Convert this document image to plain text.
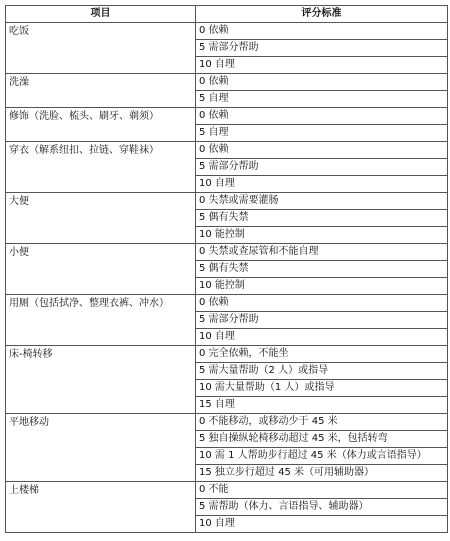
项目	评分标准
吃饭	0 依赖
	5 需部分帮助
	10 自理
洗澡	0 依赖
	5 自理
修饰（洗脸、梳头、刷牙、剃须）	0 依赖
	5 自理
穿衣（解系纽扣、拉链、穿鞋袜）	0 依赖
	5 需部分帮助
	10 自理
大便	0 失禁或需要灌肠
	5 偶有失禁
	10 能控制
小便	0 失禁或查尿管和不能自理
	5 偶有失禁
	10 能控制
用厕（包括拭净、整理衣裤、冲水）	0 依赖
	5 需部分帮助
	10 自理
床-椅转移	0 完全依赖，不能坐
	5 需大量帮助（2 人）或指导
	10 需大量帮助（1 人）或指导
	15 自理
平地移动	0 不能移动，或移动少于 45 米
	5 独自操纵轮椅移动超过 45 米，包括转弯
	10 需 1 人帮助步行超过 45 米（体力或言语指导）
	15 独立步行超过 45 米（可用辅助器）
上楼梯	0 不能
	5 需帮助（体力、言语指导、辅助器）
	10 自理
